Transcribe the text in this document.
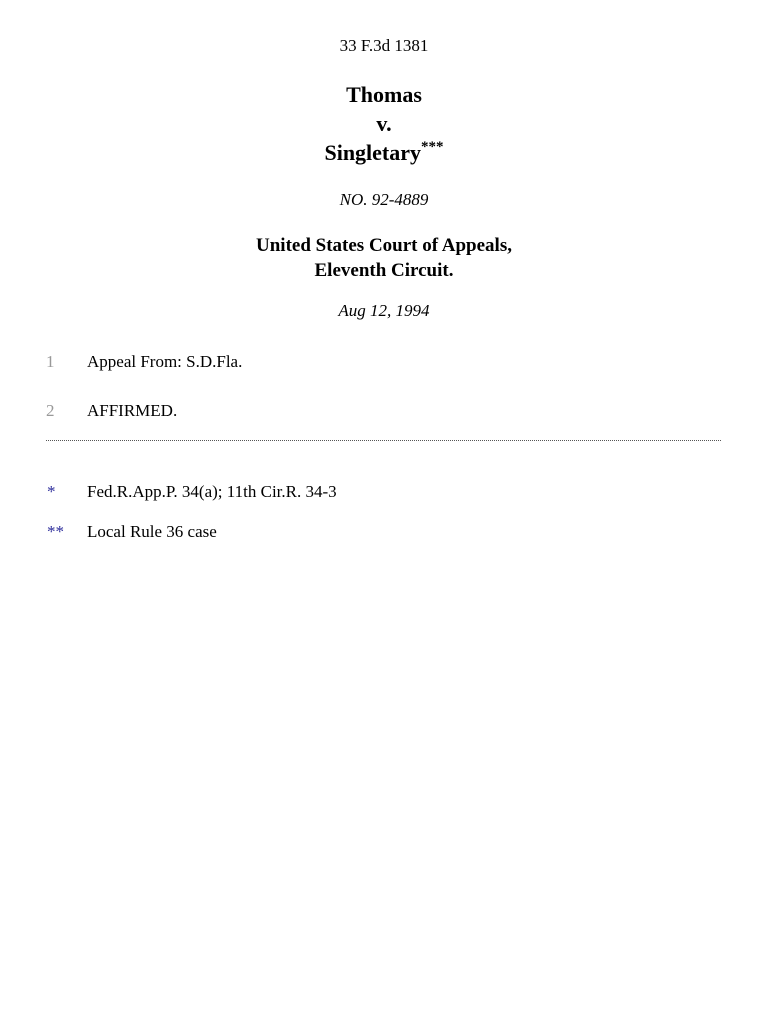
33 F.3d 1381
Thomas
v.
Singletary***
NO. 92-4889
United States Court of Appeals,
Eleventh Circuit.
Aug 12, 1994
1 Appeal From: S.D.Fla.
2 AFFIRMED.
* Fed.R.App.P. 34(a); 11th Cir.R. 34-3
** Local Rule 36 case
